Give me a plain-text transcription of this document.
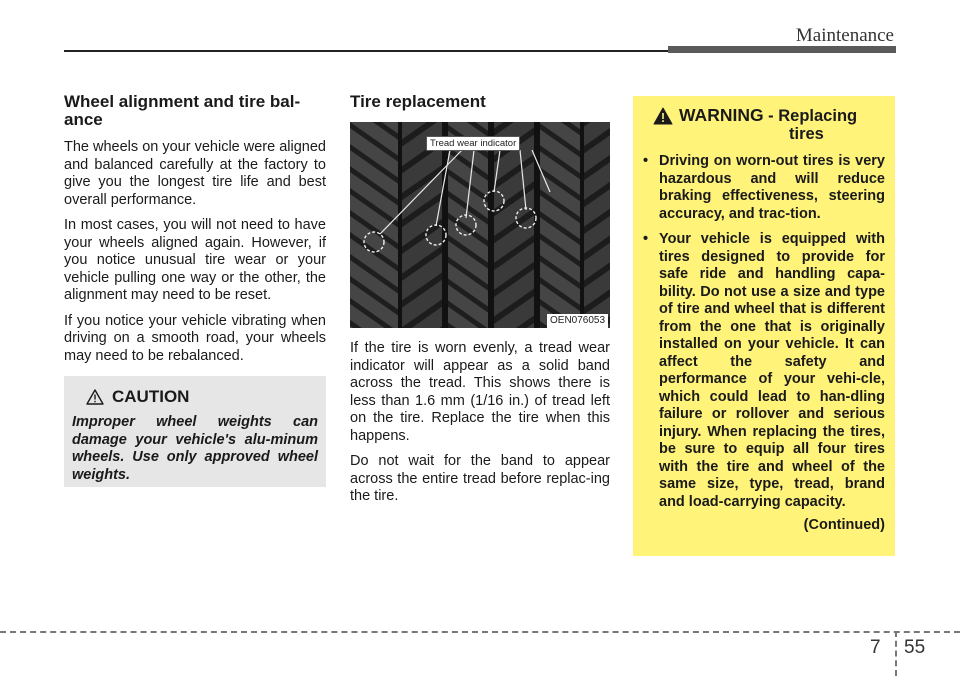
Maintenance
Wheel alignment and tire bal-ance

The wheels on your vehicle were aligned and balanced carefully at the factory to give you the longest tire life and best overall performance.

In most cases, you will not need to have your wheels aligned again. However, if you notice unusual tire wear or your vehicle pulling one way or the other, the alignment may need to be reset.

If you notice your vehicle vibrating when driving on a smooth road, your wheels may need to be rebalanced.

CAUTION
Improper wheel weights can damage your vehicle's alu-minum wheels. Use only approved wheel weights.
Tire replacement
Tread wear indicator
OEN076053

If the tire is worn evenly, a tread wear indicator will appear as a solid band across the tread. This shows there is less than 1.6 mm (1/16 in.) of tread left on the tire. Replace the tire when this happens.

Do not wait for the band to appear across the entire tread before replac-ing the tire.

WARNING - Replacing
tires
• Driving on worn-out tires is very hazardous and will reduce braking effectiveness, steering accuracy, and trac-tion.
• Your vehicle is equipped with tires designed to provide for safe ride and handling capa-bility. Do not use a size and type of tire and wheel that is different from the one that is originally installed on your vehicle. It can affect the safety and performance of your vehi-cle, which could lead to han-dling failure or rollover and serious injury. When replacing the tires, be sure to equip all four tires with the tire and wheel of the same size, type, tread, brand and load-carrying capacity.
(Continued)
7 55
